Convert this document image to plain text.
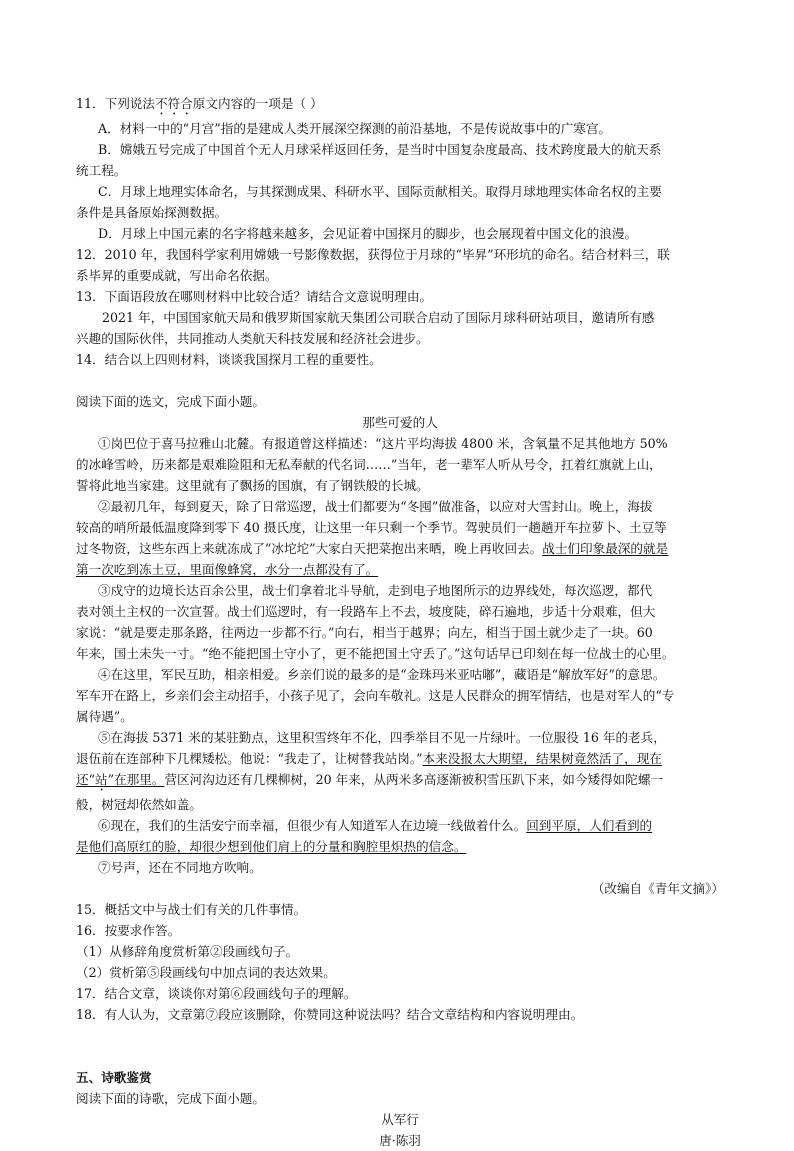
11．下列说法不符合原文内容的一项是（ ）
A．材料一中的“月宫”指的是建成人类开展深空探测的前沿基地，不是传说故事中的广寒宫。
B．嫦娥五号完成了中国首个无人月球采样返回任务，是当时中国复杂度最高、技术跨度最大的航天系
统工程。
C．月球上地理实体命名，与其探测成果、科研水平、国际贡献相关。取得月球地理实体命名权的主要
条件是具备原始探测数据。
D．月球上中国元素的名字将越来越多，会见证着中国探月的脚步，也会展现着中国文化的浪漫。
12．2010 年，我国科学家利用嫦娥一号影像数据，获得位于月球的“毕昇”环形坑的命名。结合材料三，联
系毕昇的重要成就，写出命名依据。
13．下面语段放在哪则材料中比较合适？请结合文意说明理由。
2021 年，中国国家航天局和俄罗斯国家航天集团公司联合启动了国际月球科研站项目，邀请所有感
兴趣的国际伙伴，共同推动人类航天科技发展和经济社会进步。
14．结合以上四则材料，谈谈我国探月工程的重要性。
阅读下面的选文，完成下面小题。
那些可爱的人
①岗巴位于喜马拉雅山北麓。有报道曾这样描述：“这片平均海拔 4800 米，含氧量不足其他地方 50%
的冰峰雪岭，历来都是艰难险阻和无私奉献的代名词……”当年，老一辈军人听从号令，扛着红旗就上山，
誓将此地当家建。这里就有了飘扬的国旗，有了钢铁般的长城。
②最初几年，每到夏天，除了日常巡逻，战士们都要为“冬囤”做准备，以应对大雪封山。晚上，海拔
较高的哨所最低温度降到零下 40 摄氏度，让这里一年只剩一个季节。驾驶员们一趟趟开车拉萝卜、土豆等
过冬物资，这些东西上来就冻成了“冰坨坨”大家白天把菜抱出来晒，晚上再收回去。战士们印象最深的就是
第一次吃到冻土豆，里面像蜂窝，水分一点都没有了。
③戍守的边境长达百余公里，战士们拿着北斗导航，走到电子地图所示的边界线处，每次巡逻，都代
表对领土主权的一次宣誓。战士们巡逻时，有一段路车上不去，坡度陡，碎石遍地，步适十分艰难，但大
家说：“就是要走那条路，往两边一步都不行。”向右，相当于越界；向左，相当于国土就少走了一块。60
年来，国土未失一寸。“绝不能把国土守小了，更不能把国土守丢了。”这句话早已印刻在每一位战士的心里。
④在这里，军民互助，相亲相爱。乡亲们说的最多的是“金珠玛米亚咕嘟”，藏语是“解放军好”的意思。
军车开在路上，乡亲们会主动招手，小孩子见了，会向车敬礼。这是人民群众的拥军情结，也是对军人的“专
属待遇”。
⑤在海拔 5371 米的某驻勤点，这里积雪终年不化，四季举目不见一片绿叶。一位服役 16 年的老兵，
退伍前在连部种下几棵矮松。他说：“我走了，让树替我站岗。”本来没报太大期望，结果树竟然活了，现在
还“站”在那里。营区河沟边还有几棵柳树，20 年来，从两米多高逐渐被积雪压趴下来，如今矮得如陀螺一
般，树冠却依然如盖。
⑥现在，我们的生活安宁而幸福，但很少有人知道军人在边境一线做着什么。回到平原，人们看到的
是他们高原红的脸，却很少想到他们肩上的分量和胸腔里炽热的信念。
⑦号声，还在不同地方吹响。
（改编自《青年文摘》）
15．概括文中与战士们有关的几件事情。
16．按要求作答。
（1）从修辞角度赏析第②段画线句子。
（2）赏析第⑤段画线句中加点词的表达效果。
17．结合文章，谈谈你对第⑥段画线句子的理解。
18．有人认为，文章第⑦段应该删除，你赞同这种说法吗？结合文章结构和内容说明理由。
五、诗歌鉴赏
阅读下面的诗歌，完成下面小题。
从军行
唐·陈羽
